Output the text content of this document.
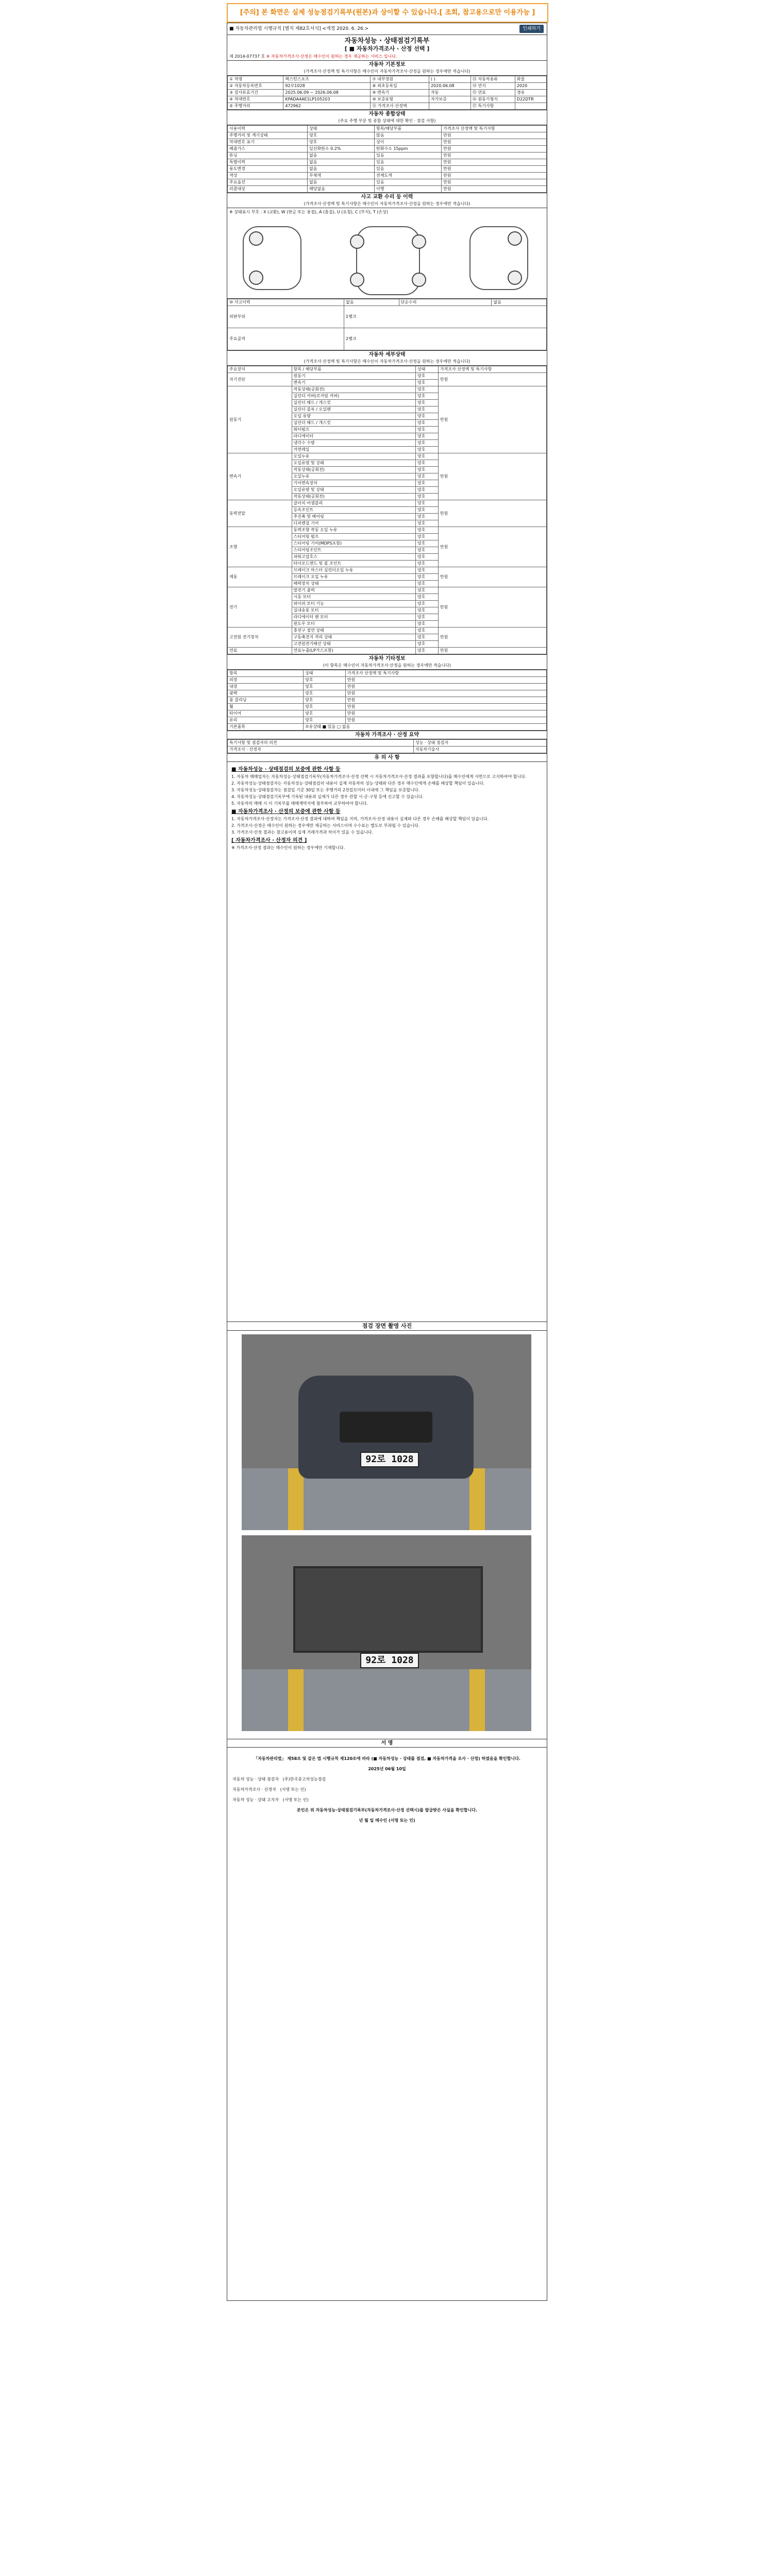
[주의] 본 화면은 실제 성능점검기록부(원본)과 상이할 수 있습니다.[ 조회, 참고용으로만 이용가능 ]
■ 자동차관리법 시행규칙 [별지 제82호서식] <개정 2020. 6. 26.>	인쇄하기
자동차성능 · 상태점검기록부
[ ■ 자동차가격조사 · 산정 선택 ]
제 2014-07737 호 ※ 자동차가격조사·산정은 매수인이 원하는 경우 제공하는 서비스 입니다.
자동차 기본정보
(가격조사·산정액 및 특기사항은 매수인이 자동차가격조사·산정을 원하는 경우에만 적습니다)
① 차명	렉스턴스포츠	⑦ 내부정원	( )	⑬ 자동차종류	화물
② 자동차등록번호	92로1028	⑧ 최초등록일	2020.06.08	⑭ 연식	2020
③ 검사유효기간	2025.06.09 ~ 2026.06.08	⑨ 변속기	자동	⑮ 연료	경유
④ 차대번호	KPADA4AE1LP105203	⑩ 보증유형	자가보증	⑯ 원동기형식	D22DTR
⑤ 주행거리	472962	⑪ 가격조사 산정액		⑰ 특기사항	
자동차 종합상태
(주요 주행 부분 및 종합 상태에 대한 확인 · 점검 사항)
사용이력	상태	항목/해당부품	가격조사 산정액 및 특기사항
주행거리 및 계기상태	양호	많음	만원
차대번호 표기	양호	상이	만원
배출가스	일산화탄소 0.2%	탄화수소 15ppm	만원
튜닝	없음	있음	만원
특별이력	없음	있음	만원
용도변경	없음	있음	만원
색상	무채색	전체도색	만원
주요옵션	없음	있음	만원
리콜대상	해당없음	이행	만원
사고 교환 수리 등 이력
(가격조사·산정액 및 특기사항은 매수인이 자동차가격조사·산정을 원하는 경우에만 적습니다)
※ 상태표시 부호 : X (교환), W (판금 또는 용접), A (흠집), U (요철), C (부식), T (손상)
⑩ 사고이력	없음	단순수리	없음
외판부위	1랭크		
주요골격	2랭크		
자동차 세부상태
(가격조사·산정액 및 특기사항은 매수인이 자동차가격조사·산정을 원하는 경우에만 적습니다)
주요장치	항목 / 해당부품	상태	가격조사 산정액 및 특기사항
자기진단	원동기	양호	만원
	변속기	양호	
원동기	작동상태(공회전)	양호	만원
	실린더 커버(로커암 커버)	양호	
	실린더 헤드 / 개스킷	양호	
	실린더 블록 / 오일팬	양호	
	오일 유량	양호	
	실린더 헤드 / 개스킷	양호	
	워터펌프	양호	
	라디에이터	양호	
	냉각수 수량	양호	
	커먼레일	양호	
변속기	오일누유	양호	만원
	오일유량 및 상태	양호	
	작동상태(공회전)	양호	
	오일누유	양호	
	기어변속장치	양호	
	오일유량 및 상태	양호	
	작동상태(공회전)	양호	
동력전달	클러치 어셈블리	양호	만원
	등속조인트	양호	
	추진축 및 베어링	양호	
	디퍼렌셜 기어	양호	
조향	동력조향 작동 오일 누유	양호	만원
	스티어링 펌프	양호	
	스티어링 기어(MDPS포함)	양호	
	스티어링조인트	양호	
	파워고압호스	양호	
	타이로드엔드 및 볼 조인트	양호	
제동	브레이크 마스터 실린더오일 누유	양호	만원
	브레이크 오일 누유	양호	
	배력장치 상태	양호	
전기	발전기 출력	양호	만원
	시동 모터	양호	
	와이퍼 모터 기능	양호	
	실내송풍 모터	양호	
	라디에이터 팬 모터	양호	
	윈도우 모터	양호	
고전원 전기장치	충전구 절연 상태	양호	만원
	구동축전지 격리 상태	양호	
	고전원전기배선 상태	양호	
연료	연료누출(LP가스포함)	양호	만원
자동차 기타정보
(이 항목은 매수인이 자동차가격조사·산정을 원하는 경우에만 적습니다)
항목	상태	가격조사 산정액 및 특기사항
외장	양호	만원
내장	양호	만원
광택	양호	만원
룸 클리닝	양호	만원
휠	양호	만원
타이어	양호	만원
유리	양호	만원
기본품목	보유상태 ■ 있음 □ 없음	
자동차 가격조사 · 산정 요약
특기사항 및 점검자의 의견	성능 · 상태 점검자
가격조사 · 산정자	자동차기술사
유 의 사 항
■ 자동차성능 · 상태점검의 보증에 관한 사항 등

1. 자동차 매매업자는 자동차성능·상태점검기록부(자동차가격조사·산정 선택 시 자동차가격조사·산정 결과를 포함합니다)를 매수인에게 서면으로 고지하여야 합니다.

2. 자동차성능·상태점검자는 자동차성능·상태점검의 내용이 실제 자동차의 성능·상태와 다른 경우 매수인에게 손해를 배상할 책임이 있습니다.

3. 자동차성능·상태점검자는 점검일 기준 30일 또는 주행거리 2천킬로미터 이내에 그 책임을 보증합니다.

4. 자동차성능·상태점검기록부에 기록된 내용과 실제가 다른 경우 관할 시·군·구청 등에 신고할 수 있습니다.

5. 자동차의 매매 시 이 기록부를 매매계약서에 첨부하여 교부하여야 합니다.

■ 자동차가격조사 · 산정의 보증에 관한 사항 등

1. 자동차가격조사·산정자는 가격조사·산정 결과에 대하여 책임을 지며, 가격조사·산정 내용이 실제와 다른 경우 손해를 배상할 책임이 있습니다.

2. 가격조사·산정은 매수인이 원하는 경우에만 제공하는 서비스이며 수수료는 별도로 부과될 수 있습니다.

3. 가격조사·산정 결과는 참고용이며 실제 거래가격과 차이가 있을 수 있습니다.

[ 자동차가격조사 · 산정자 의견 ]

※ 가격조사·산정 결과는 매수인이 원하는 경우에만 기재합니다.

점검 장면 촬영 사진
92로 1028
92로 1028
서 명

「자동차관리법」 제58조 및 같은 법 시행규칙 제120조에 따라 (■ 자동차성능 · 상태를 점검, ■ 자동차가격을 조사 · 산정) 하였음을 확인합니다.

2025년 06월 10일

자동차 성능 · 상태 점검자 (주)한국중고차성능점검

자동차가격조사 · 산정자 (서명 또는 인)

자동차 성능 · 상태 고지자 (서명 또는 인)

본인은 위 자동차성능·상태점검기록부(자동차가격조사·산정 선택시)를 발급받은 사실을 확인합니다.

년 월 일 매수인 (서명 또는 인)
